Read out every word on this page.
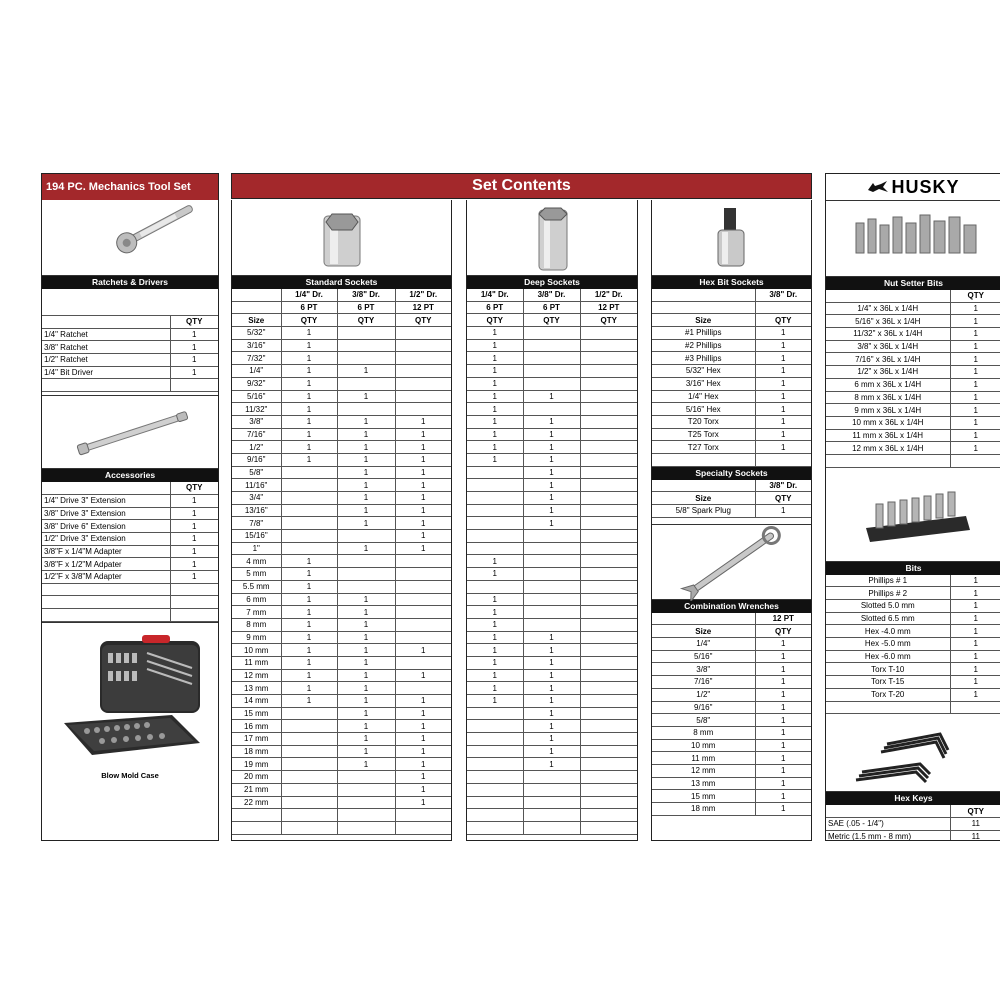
194 PC. Mechanics Tool Set
Ratchets & Drivers

	QTY
1/4" Ratchet	1
3/8" Ratchet	1
1/2" Ratchet	1
1/4" Bit Driver	1

Accessories
	QTY
1/4" Drive 3" Extension	1
3/8" Drive 3" Extension	1
3/8" Drive 6" Extension	1
1/2" Drive 3" Extension	1
3/8"F x 1/4"M Adapter	1
3/8"F x 1/2"M Adpater	1
1/2"F x 3/8"M Adapter	1

Blow Mold Case
Set Contents
Standard Sockets
	1/4" Dr.	3/8" Dr.	1/2" Dr.
	6 PT	6 PT	12 PT
Size	QTY	QTY	QTY
5/32"	1		
3/16"	1		
7/32"	1		
1/4"	1	1	
9/32"	1		
5/16"	1	1	
11/32"	1		
3/8"	1	1	1
7/16"	1	1	1
1/2"	1	1	1
9/16"	1	1	1
5/8"		1	1
11/16"		1	1
3/4"		1	1
13/16"		1	1
7/8"		1	1
15/16"			1
1"		1	1
4 mm	1		
5 mm	1		
5.5 mm	1		
6 mm	1	1	
7 mm	1	1	
8 mm	1	1	
9 mm	1	1	
10 mm	1	1	1
11 mm	1	1	
12 mm	1	1	1
13 mm	1	1	
14 mm	1	1	1
15 mm		1	1
16 mm		1	1
17 mm		1	1
18 mm		1	1
19 mm		1	1
20 mm			1
21 mm			1
22 mm			1

Deep Sockets
1/4" Dr.	3/8" Dr.	1/2" Dr.
6 PT	6 PT	12 PT
QTY	QTY	QTY
1		
1		
1		
1		
1		
1	1	
1		
1	1	
1	1	
1	1	
1	1	
	1	
	1	
	1	
	1	
	1	

1		
1		

1		
1		
1		
1	1	
1	1	
1	1	
1	1	
1	1	
1	1	
	1	
	1	
	1	
	1	
	1	

Hex Bit Sockets
	3/8" Dr.

Size	QTY
#1 Phillips	1
#2 Phillips	1
#3 Phillips	1
5/32" Hex	1
3/16" Hex	1
1/4" Hex	1
5/16" Hex	1
T20 Torx	1
T25 Torx	1
T27 Torx	1

Specialty Sockets
	3/8" Dr.
Size	QTY
5/8" Spark Plug	1
Combination Wrenches
	12 PT
Size	QTY
1/4"	1
5/16"	1
3/8"	1
7/16"	1
1/2"	1
9/16"	1
5/8"	1
8 mm	1
10 mm	1
11 mm	1
12 mm	1
13 mm	1
15 mm	1
18 mm	1
HUSKY
Nut Setter Bits
	QTY
1/4" x 36L x 1/4H	1
5/16" x 36L x 1/4H	1
11/32" x 36L x 1/4H	1
3/8" x 36L x 1/4H	1
7/16" x 36L x 1/4H	1
1/2" x 36L x 1/4H	1
6 mm x 36L x 1/4H	1
8 mm x 36L x 1/4H	1
9 mm x 36L x 1/4H	1
10 mm x 36L x 1/4H	1
11 mm x 36L x 1/4H	1
12 mm x 36L x 1/4H	1

Bits
Phillips # 1	1
Phillips # 2	1
Slotted 5.0 mm	1
Slotted 6.5 mm	1
Hex -4.0 mm	1
Hex -5.0 mm	1
Hex -6.0 mm	1
Torx T-10	1
Torx T-15	1
Torx T-20	1

Hex Keys
	QTY
SAE (.05 - 1/4")	11
Metric (1.5 mm - 8 mm)	11
